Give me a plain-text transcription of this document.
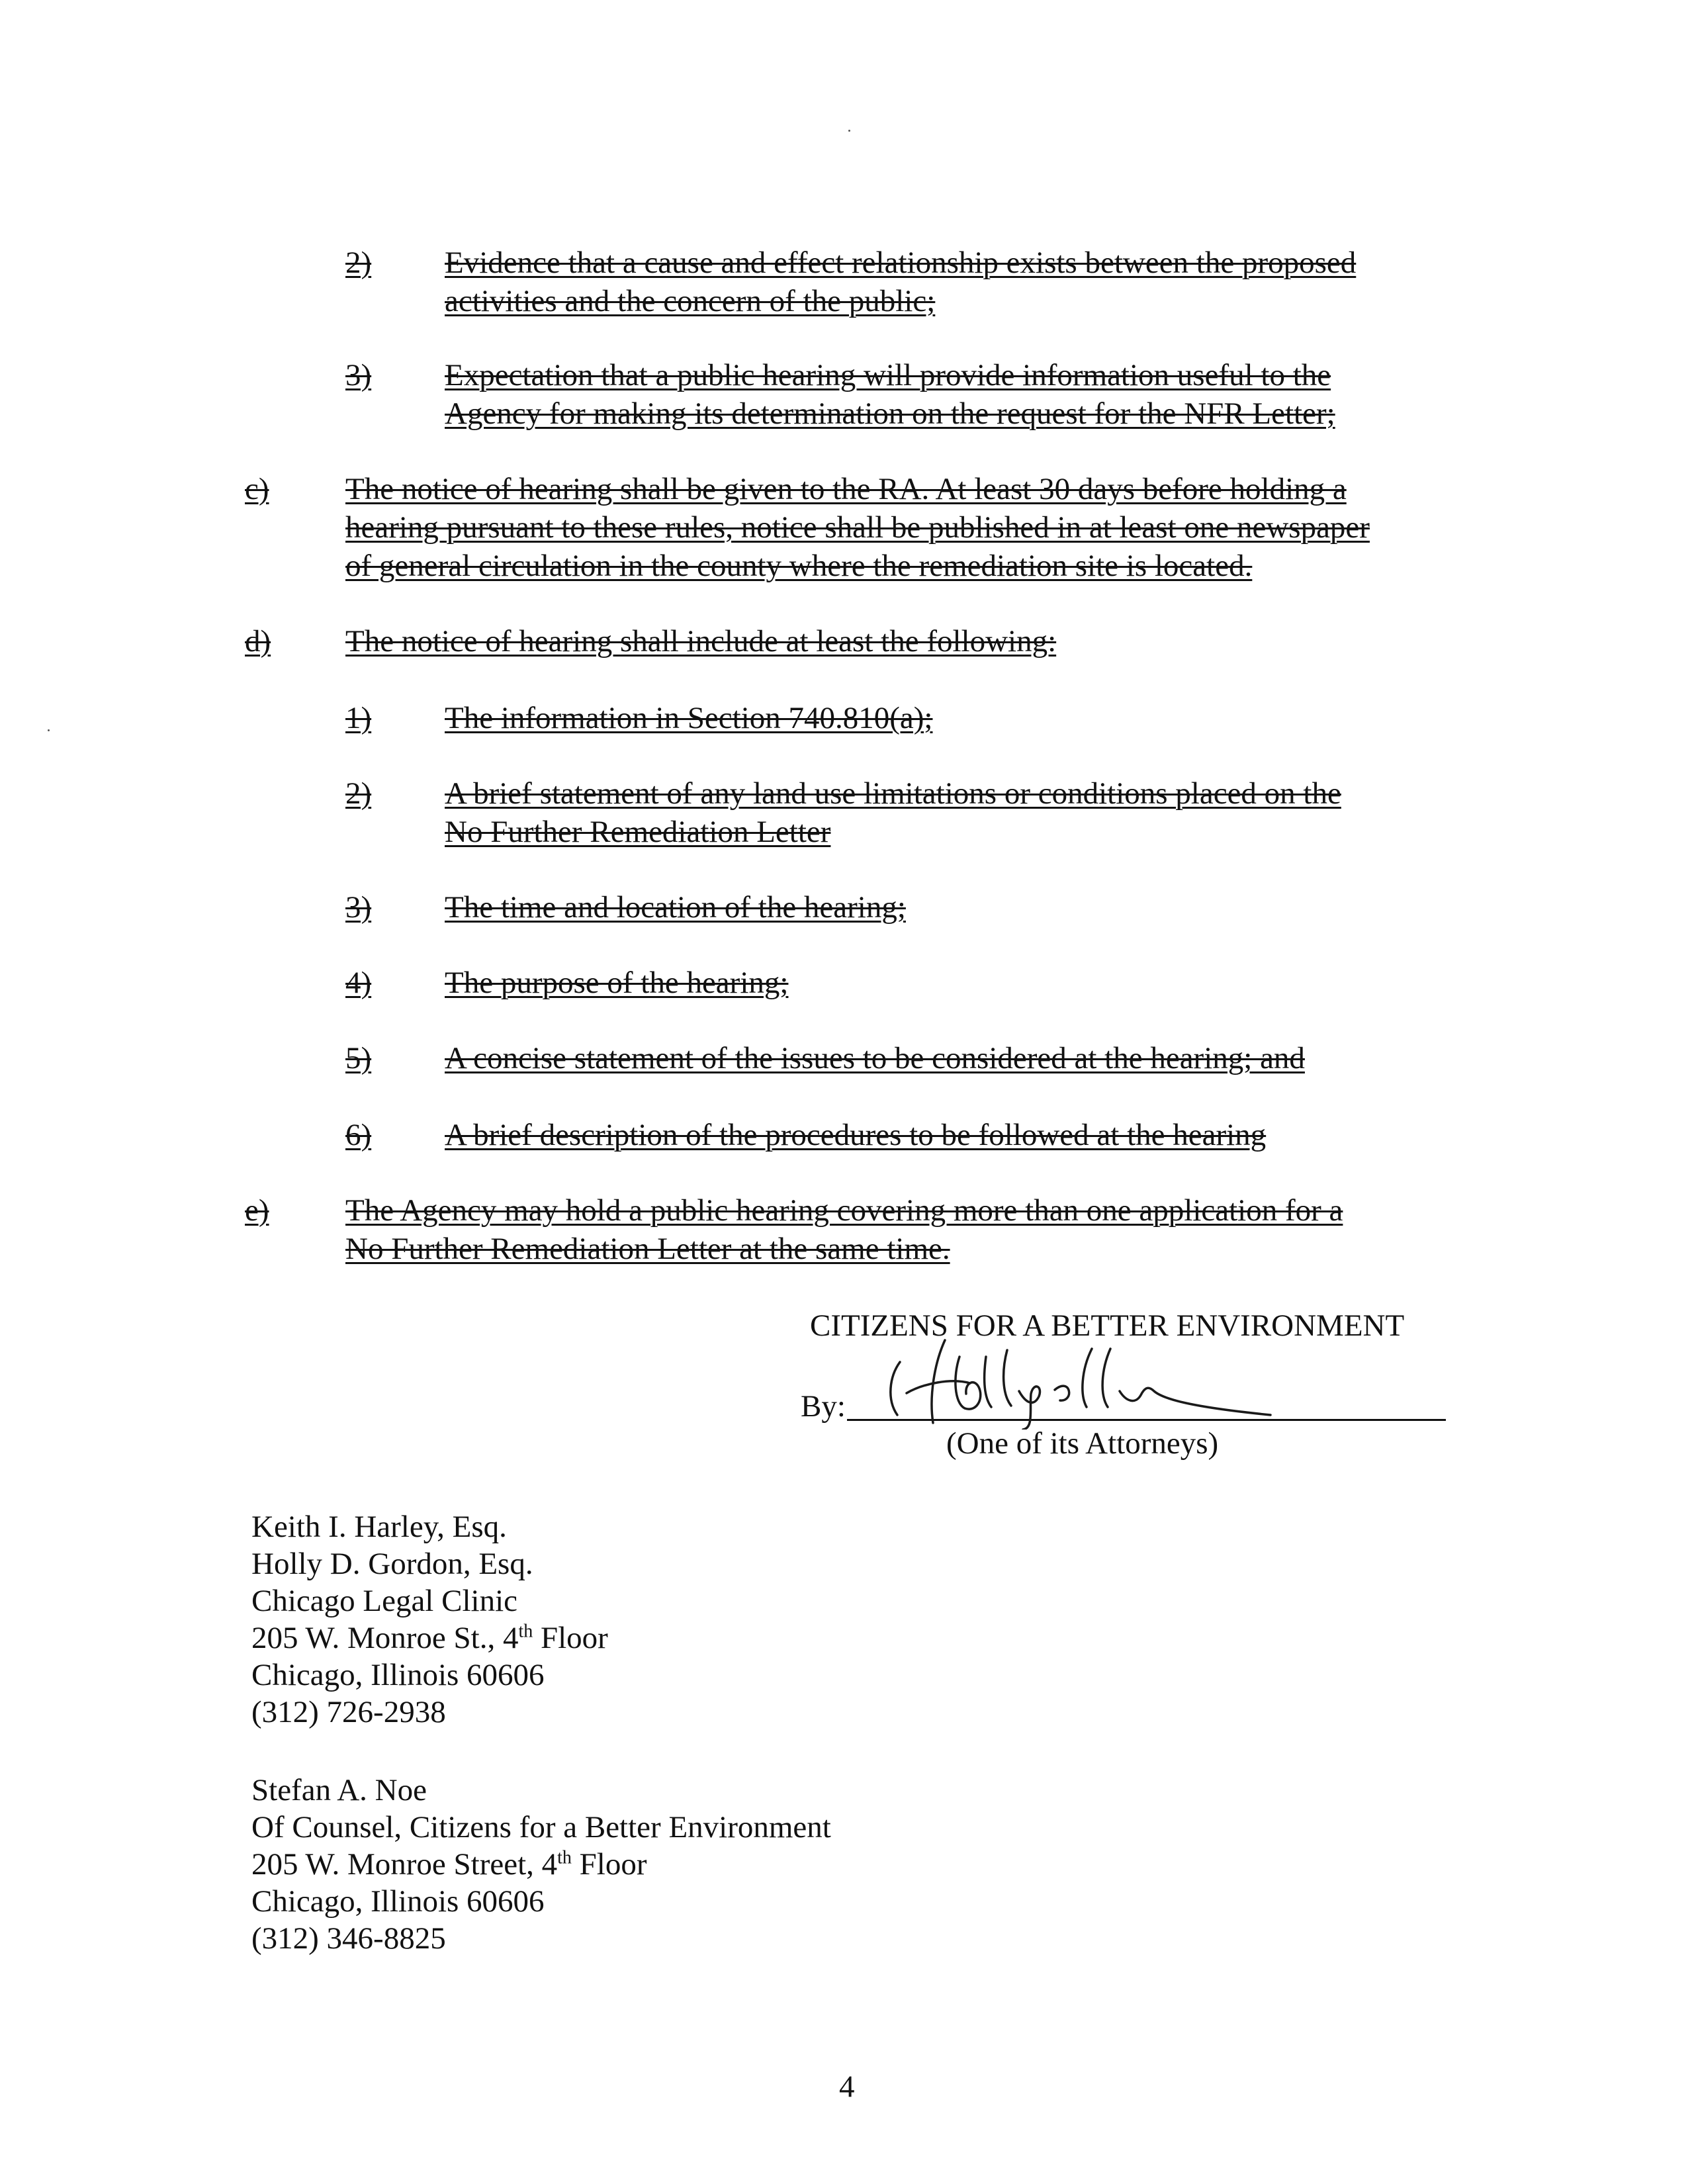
2)	Evidence that a cause and effect relationship exists between the proposed
activities and the concern of the public;
3)	Expectation that a public hearing will provide information useful to the
Agency for making its determination on the request for the NFR Letter;
c)	The notice of hearing shall be given to the RA. At least 30 days before holding a
hearing pursuant to these rules, notice shall be published in at least one newspaper
of general circulation in the county where the remediation site is located.
d)	The notice of hearing shall include at least the following:
1)	The information in Section 740.810(a);
2)	A brief statement of any land use limitations or conditions placed on the
No Further Remediation Letter
3)	The time and location of the hearing;
4)	The purpose of the hearing;
5)	A concise statement of the issues to be considered at the hearing; and
6)	A brief description of the procedures to be followed at the hearing
e)	The Agency may hold a public hearing covering more than one application for a
No Further Remediation Letter at the same time.
CITIZENS FOR A BETTER ENVIRONMENT
By:
(One of its Attorneys)
Keith I. Harley, Esq.
Holly D. Gordon, Esq.
Chicago Legal Clinic
205 W. Monroe St., 4th Floor
Chicago, Illinois 60606
(312) 726-2938
Stefan A. Noe
Of Counsel, Citizens for a Better Environment
205 W. Monroe Street, 4th Floor
Chicago, Illinois 60606
(312) 346-8825
4
